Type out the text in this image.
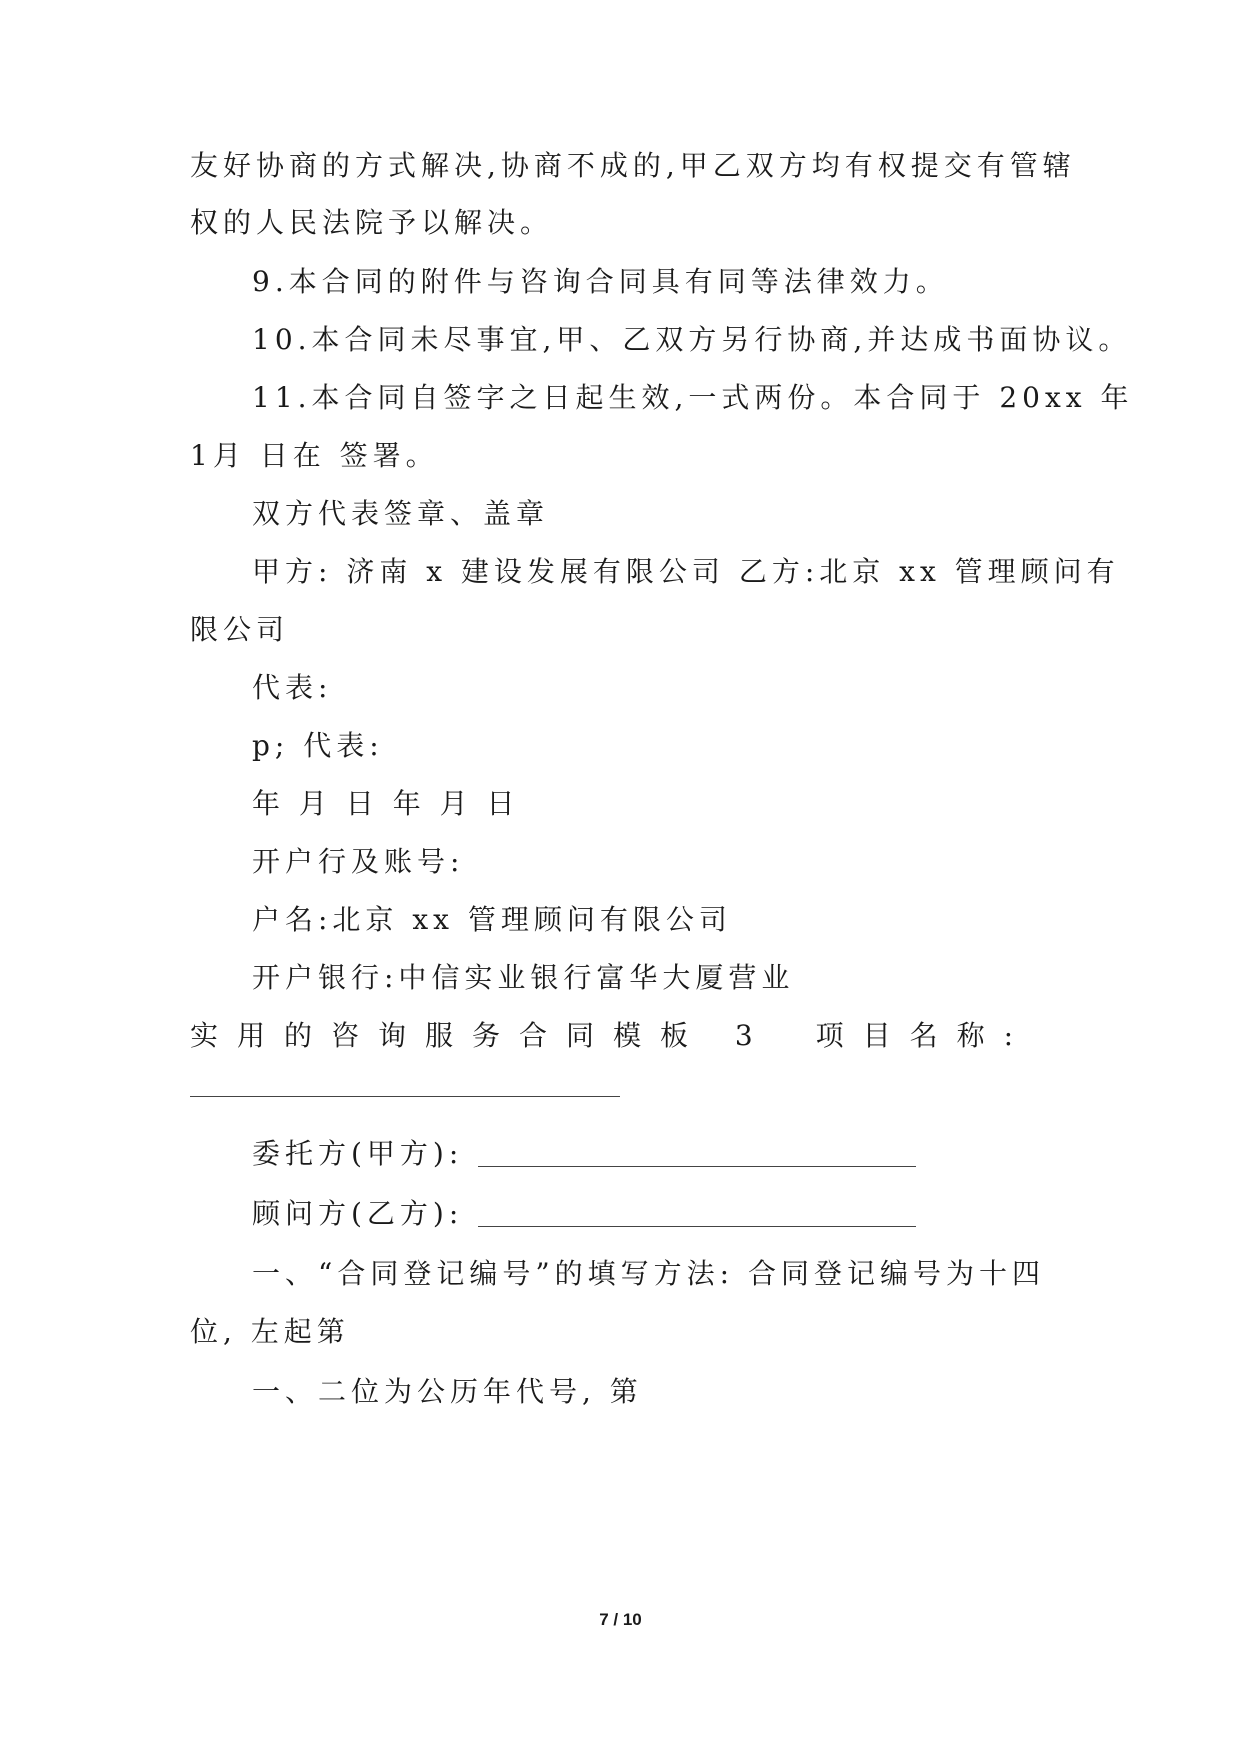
友好协商的方式解决,协商不成的,甲乙双方均有权提交有管辖
权的人民法院予以解决。
9.本合同的附件与咨询合同具有同等法律效力。
10.本合同未尽事宜,甲、乙双方另行协商,并达成书面协议。
11.本合同自签字之日起生效,一式两份。本合同于 20xx 年
1月 日在 签署。
双方代表签章、盖章
甲方: 济南 x 建设发展有限公司 乙方:北京 xx 管理顾问有
限公司
代表:
p; 代表:
年 月 日 年 月 日
开户行及账号:
户名:北京 xx 管理顾问有限公司
开户银行:中信实业银行富华大厦营业
实用的咨询服务合同模板 3 项目名称:
委托方(甲方):
顾问方(乙方):
一、“合同登记编号”的填写方法: 合同登记编号为十四
位, 左起第
一、二位为公历年代号, 第
7 / 10
